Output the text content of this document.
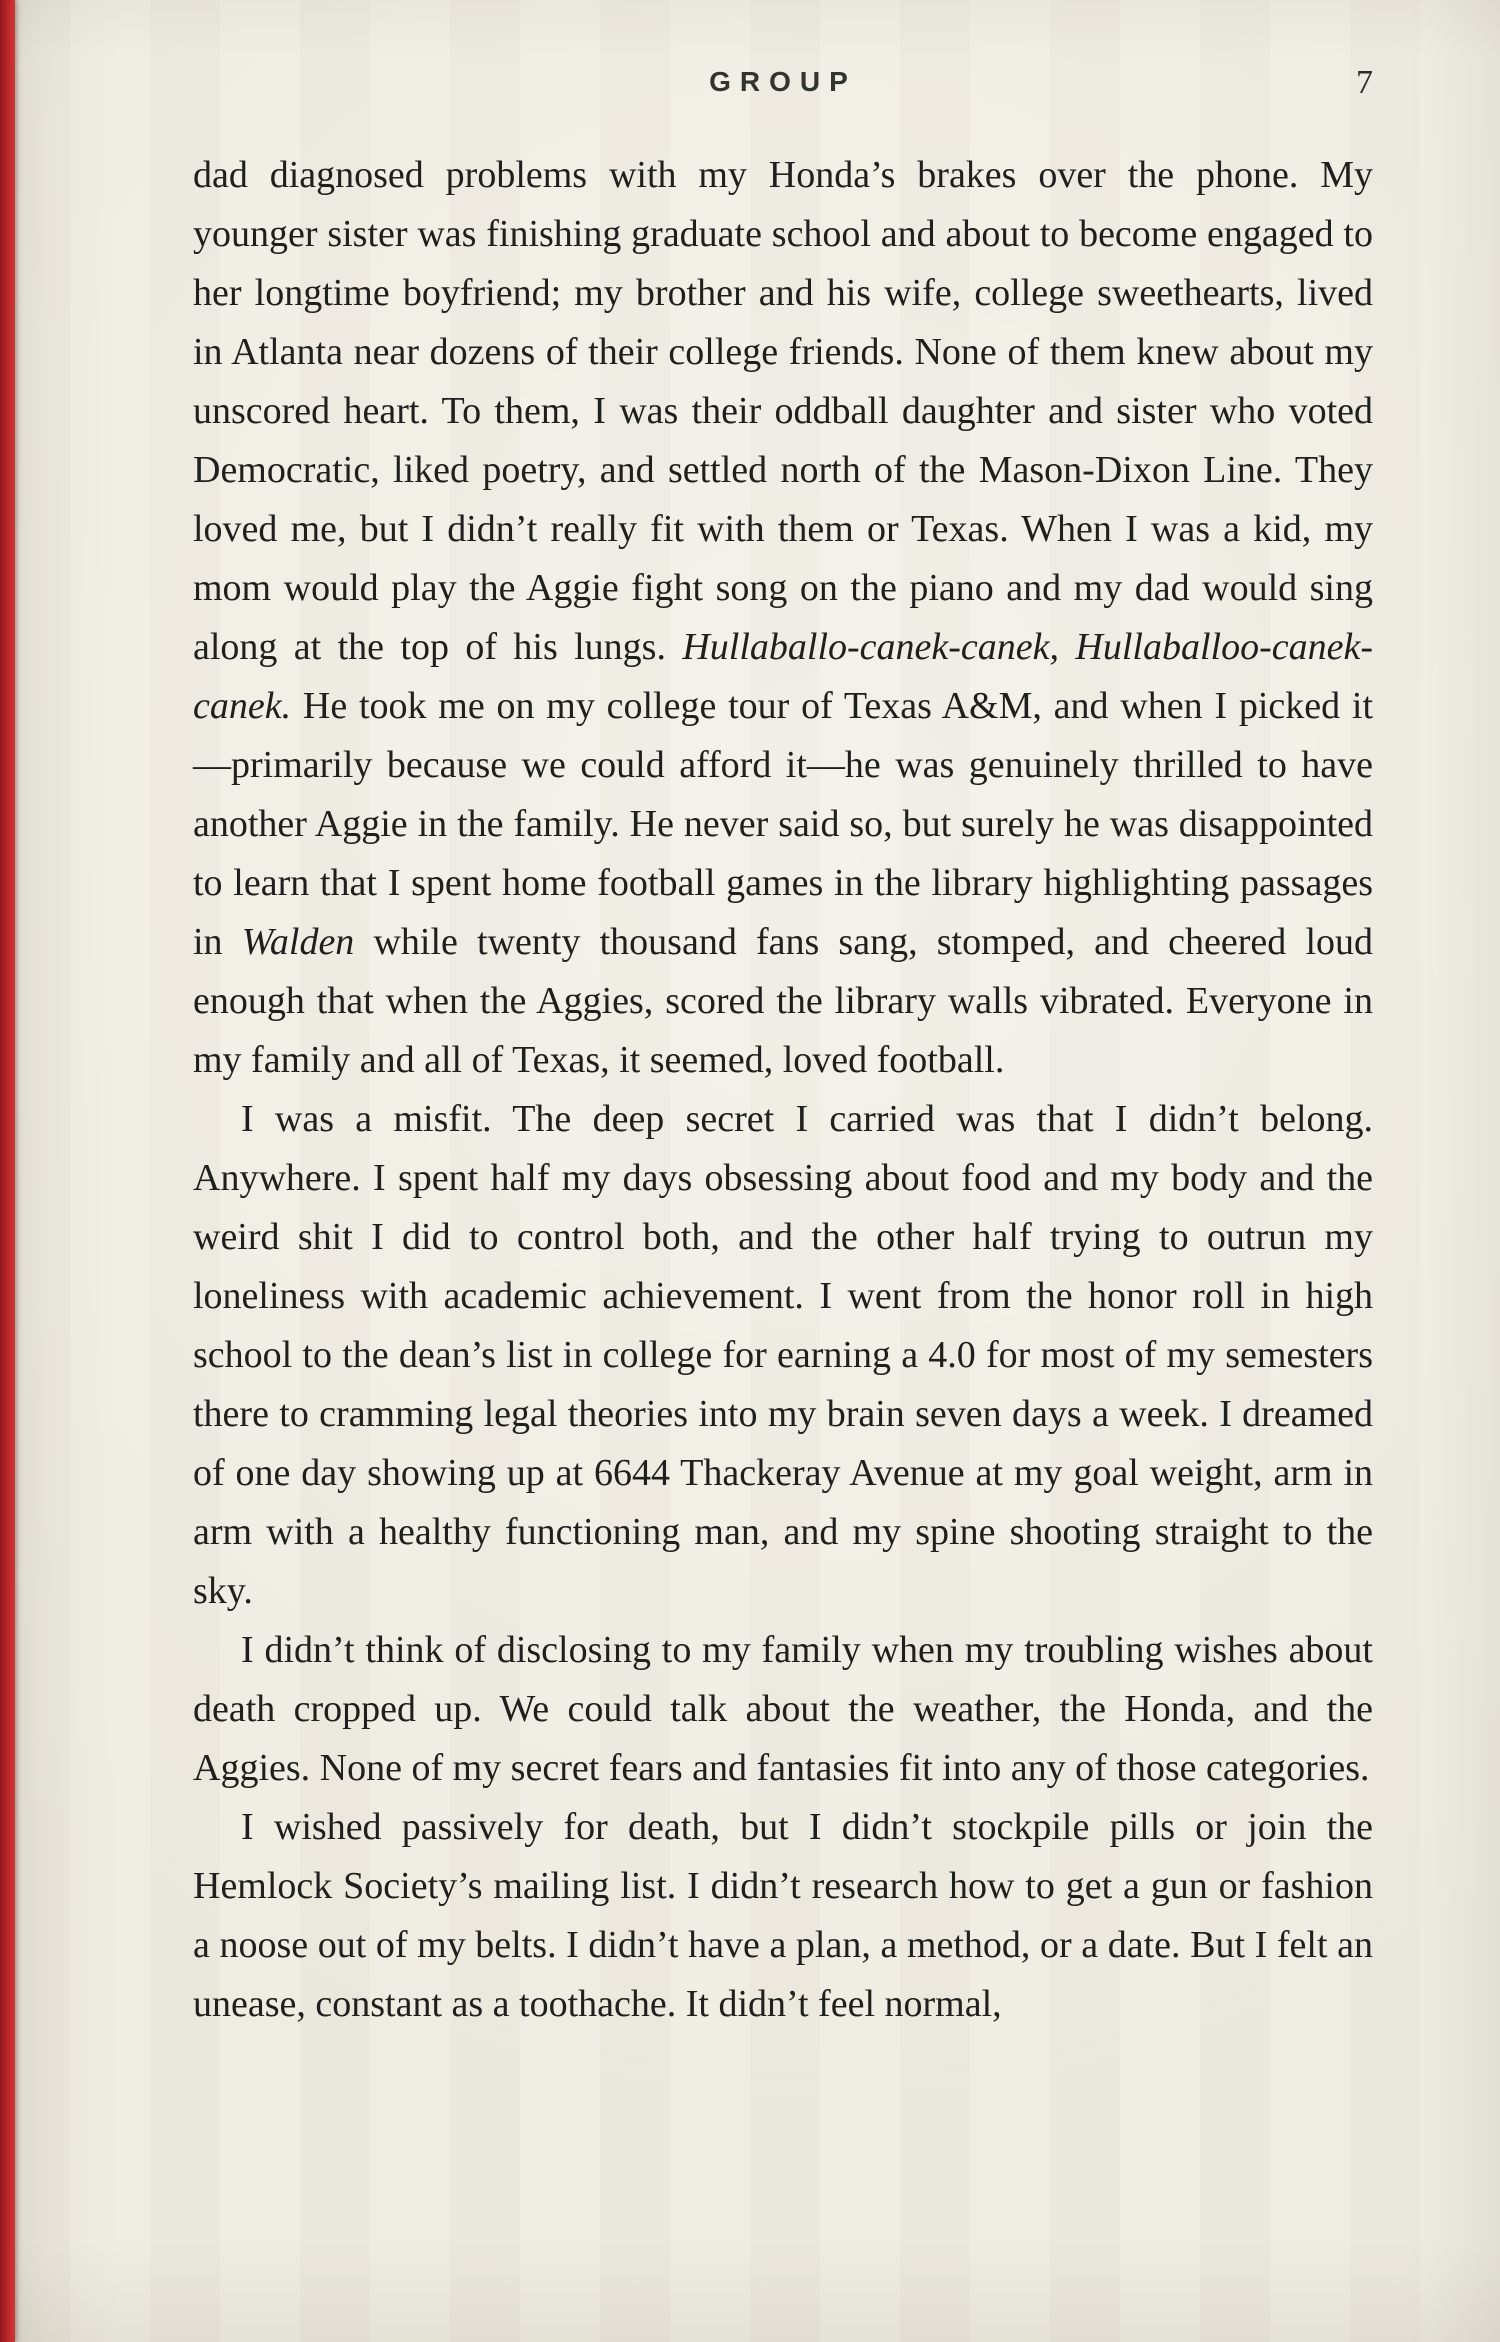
GROUP	7

dad diagnosed problems with my Honda’s brakes over the phone. My younger sister was finishing graduate school and about to become engaged to her longtime boyfriend; my brother and his wife, college sweethearts, lived in Atlanta near dozens of their college friends. None of them knew about my unscored heart. To them, I was their oddball daughter and sister who voted Democratic, liked poetry, and settled north of the Mason-Dixon Line. They loved me, but I didn’t really fit with them or Texas. When I was a kid, my mom would play the Aggie fight song on the piano and my dad would sing along at the top of his lungs. Hullaballo-canek-canek, Hullaballoo-canek-canek. He took me on my college tour of Texas A&M, and when I picked it—primarily because we could afford it—he was genuinely thrilled to have another Aggie in the family. He never said so, but surely he was disappointed to learn that I spent home football games in the library highlighting passages in Walden while twenty thousand fans sang, stomped, and cheered loud enough that when the Aggies, scored the library walls vibrated. Everyone in my family and all of Texas, it seemed, loved football.

I was a misfit. The deep secret I carried was that I didn’t belong. Anywhere. I spent half my days obsessing about food and my body and the weird shit I did to control both, and the other half trying to outrun my loneliness with academic achievement. I went from the honor roll in high school to the dean’s list in college for earning a 4.0 for most of my semesters there to cramming legal theories into my brain seven days a week. I dreamed of one day showing up at 6644 Thackeray Avenue at my goal weight, arm in arm with a healthy functioning man, and my spine shooting straight to the sky.

I didn’t think of disclosing to my family when my troubling wishes about death cropped up. We could talk about the weather, the Honda, and the Aggies. None of my secret fears and fantasies fit into any of those categories.

I wished passively for death, but I didn’t stockpile pills or join the Hemlock Society’s mailing list. I didn’t research how to get a gun or fashion a noose out of my belts. I didn’t have a plan, a method, or a date. But I felt an unease, constant as a toothache. It didn’t feel normal,
